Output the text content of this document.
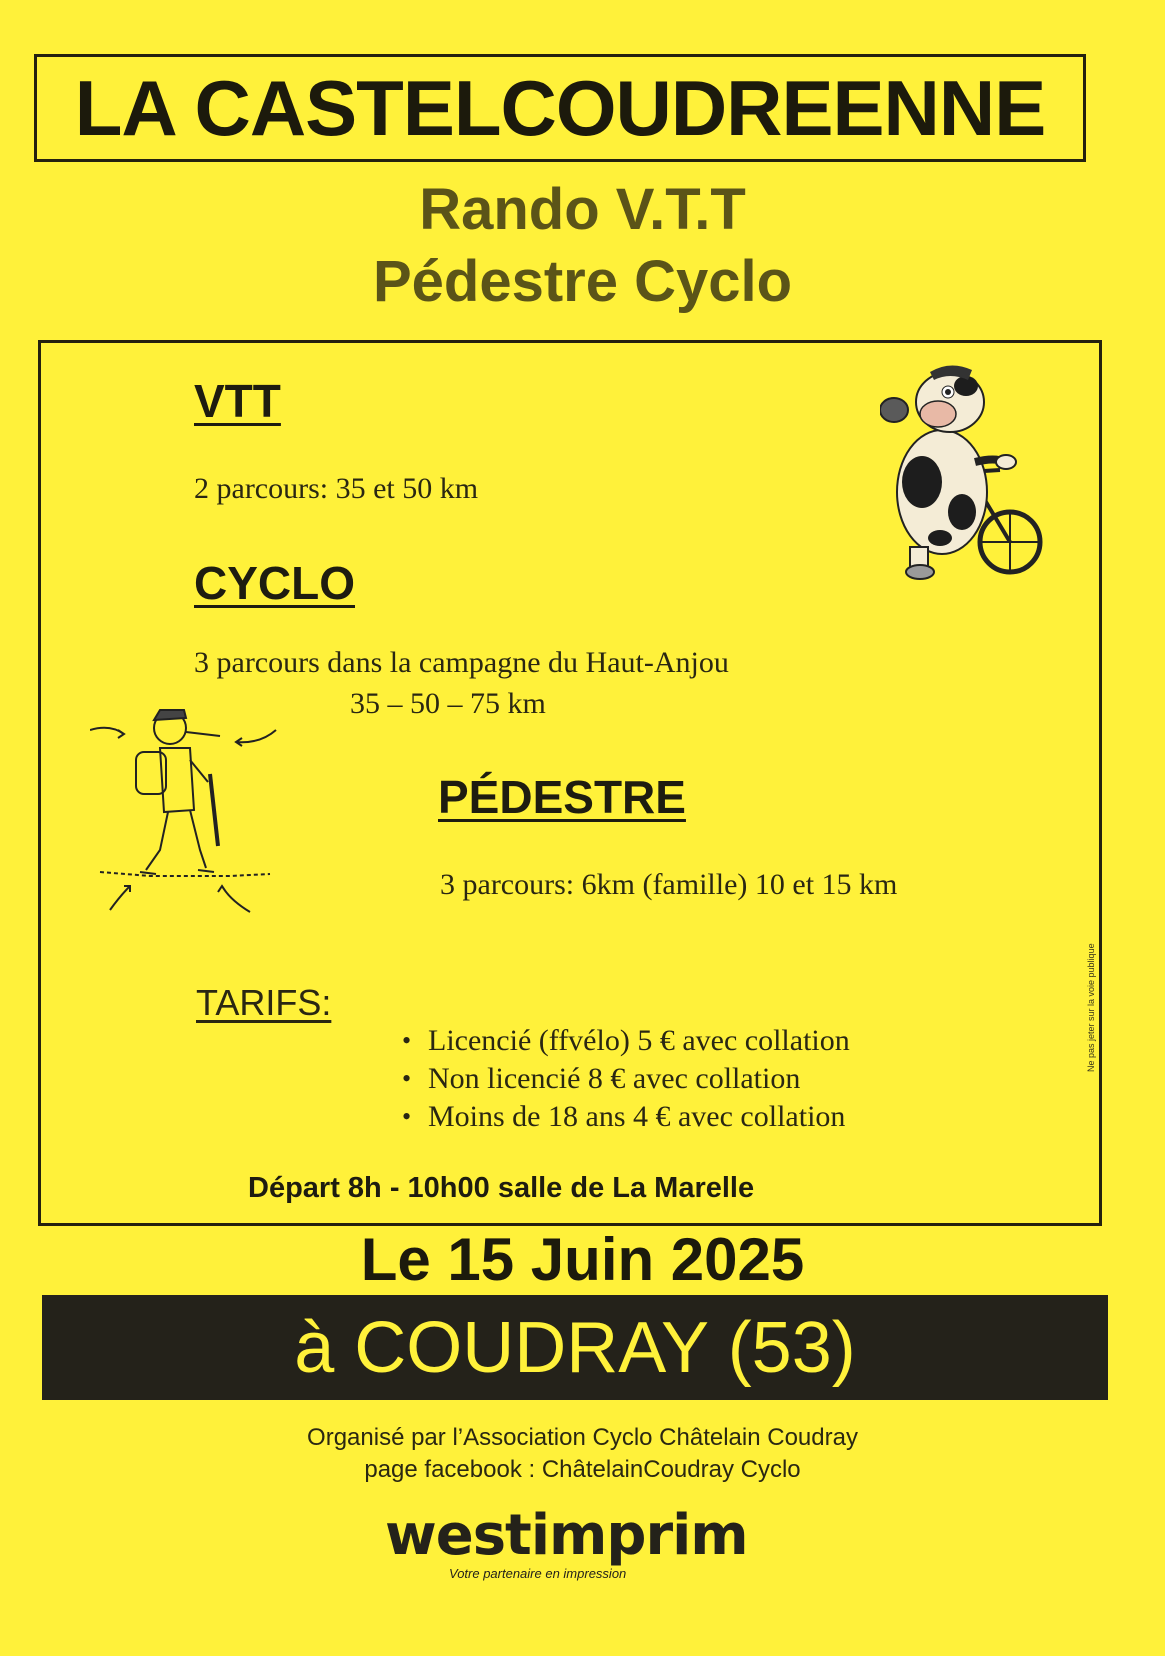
LA CASTELCOUDREENNE
Rando V.T.T
Pédestre Cyclo
VTT
2 parcours: 35 et 50 km
CYCLO
3 parcours dans la campagne du Haut-Anjou
35 – 50 – 75 km
PÉDESTRE
3 parcours: 6km (famille) 10 et 15 km
TARIFS:
• Licencié (ffvélo) 5 € avec collation
• Non licencié 8 € avec collation
• Moins de 18 ans 4 € avec collation
Départ 8h - 10h00 salle de La Marelle
Ne pas jeter sur la voie publique
Le 15 Juin 2025
à COUDRAY (53)
Organisé par l’Association Cyclo Châtelain Coudray
page facebook : ChâtelainCoudray Cyclo
westimprim
Votre partenaire en impression
